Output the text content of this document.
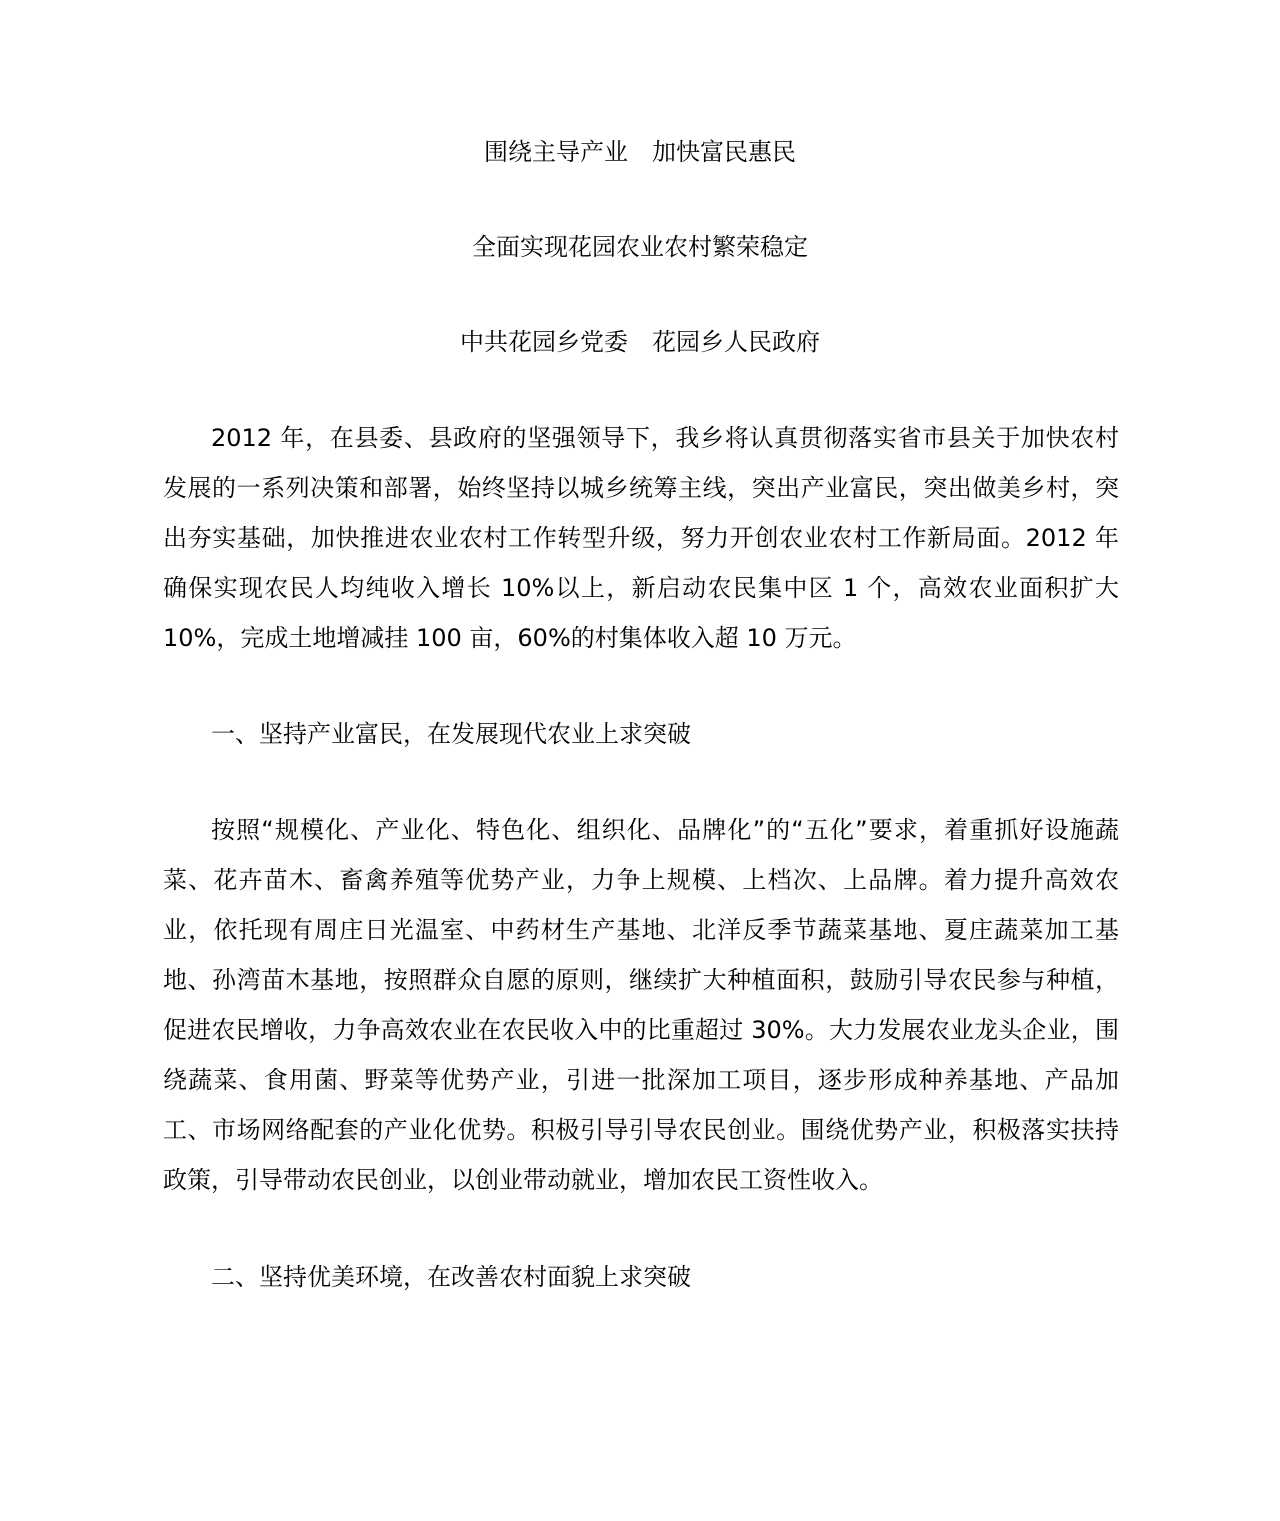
围绕主导产业　加快富民惠民
全面实现花园农业农村繁荣稳定
中共花园乡党委　花园乡人民政府

2012 年，在县委、县政府的坚强领导下，我乡将认真贯彻落实省市县关于加快农村发展的一系列决策和部署，始终坚持以城乡统筹主线，突出产业富民，突出做美乡村，突出夯实基础，加快推进农业农村工作转型升级，努力开创农业农村工作新局面。2012 年确保实现农民人均纯收入增长 10%以上，新启动农民集中区 1 个，高效农业面积扩大 10%，完成土地增减挂 100 亩，60%的村集体收入超 10 万元。

一、坚持产业富民，在发展现代农业上求突破

按照“规模化、产业化、特色化、组织化、品牌化”的“五化”要求，着重抓好设施蔬菜、花卉苗木、畜禽养殖等优势产业，力争上规模、上档次、上品牌。着力提升高效农业，依托现有周庄日光温室、中药材生产基地、北洋反季节蔬菜基地、夏庄蔬菜加工基地、孙湾苗木基地，按照群众自愿的原则，继续扩大种植面积，鼓励引导农民参与种植，促进农民增收，力争高效农业在农民收入中的比重超过 30%。大力发展农业龙头企业，围绕蔬菜、食用菌、野菜等优势产业，引进一批深加工项目，逐步形成种养基地、产品加工、市场网络配套的产业化优势。积极引导引导农民创业。围绕优势产业，积极落实扶持政策，引导带动农民创业，以创业带动就业，增加农民工资性收入。

二、坚持优美环境，在改善农村面貌上求突破
